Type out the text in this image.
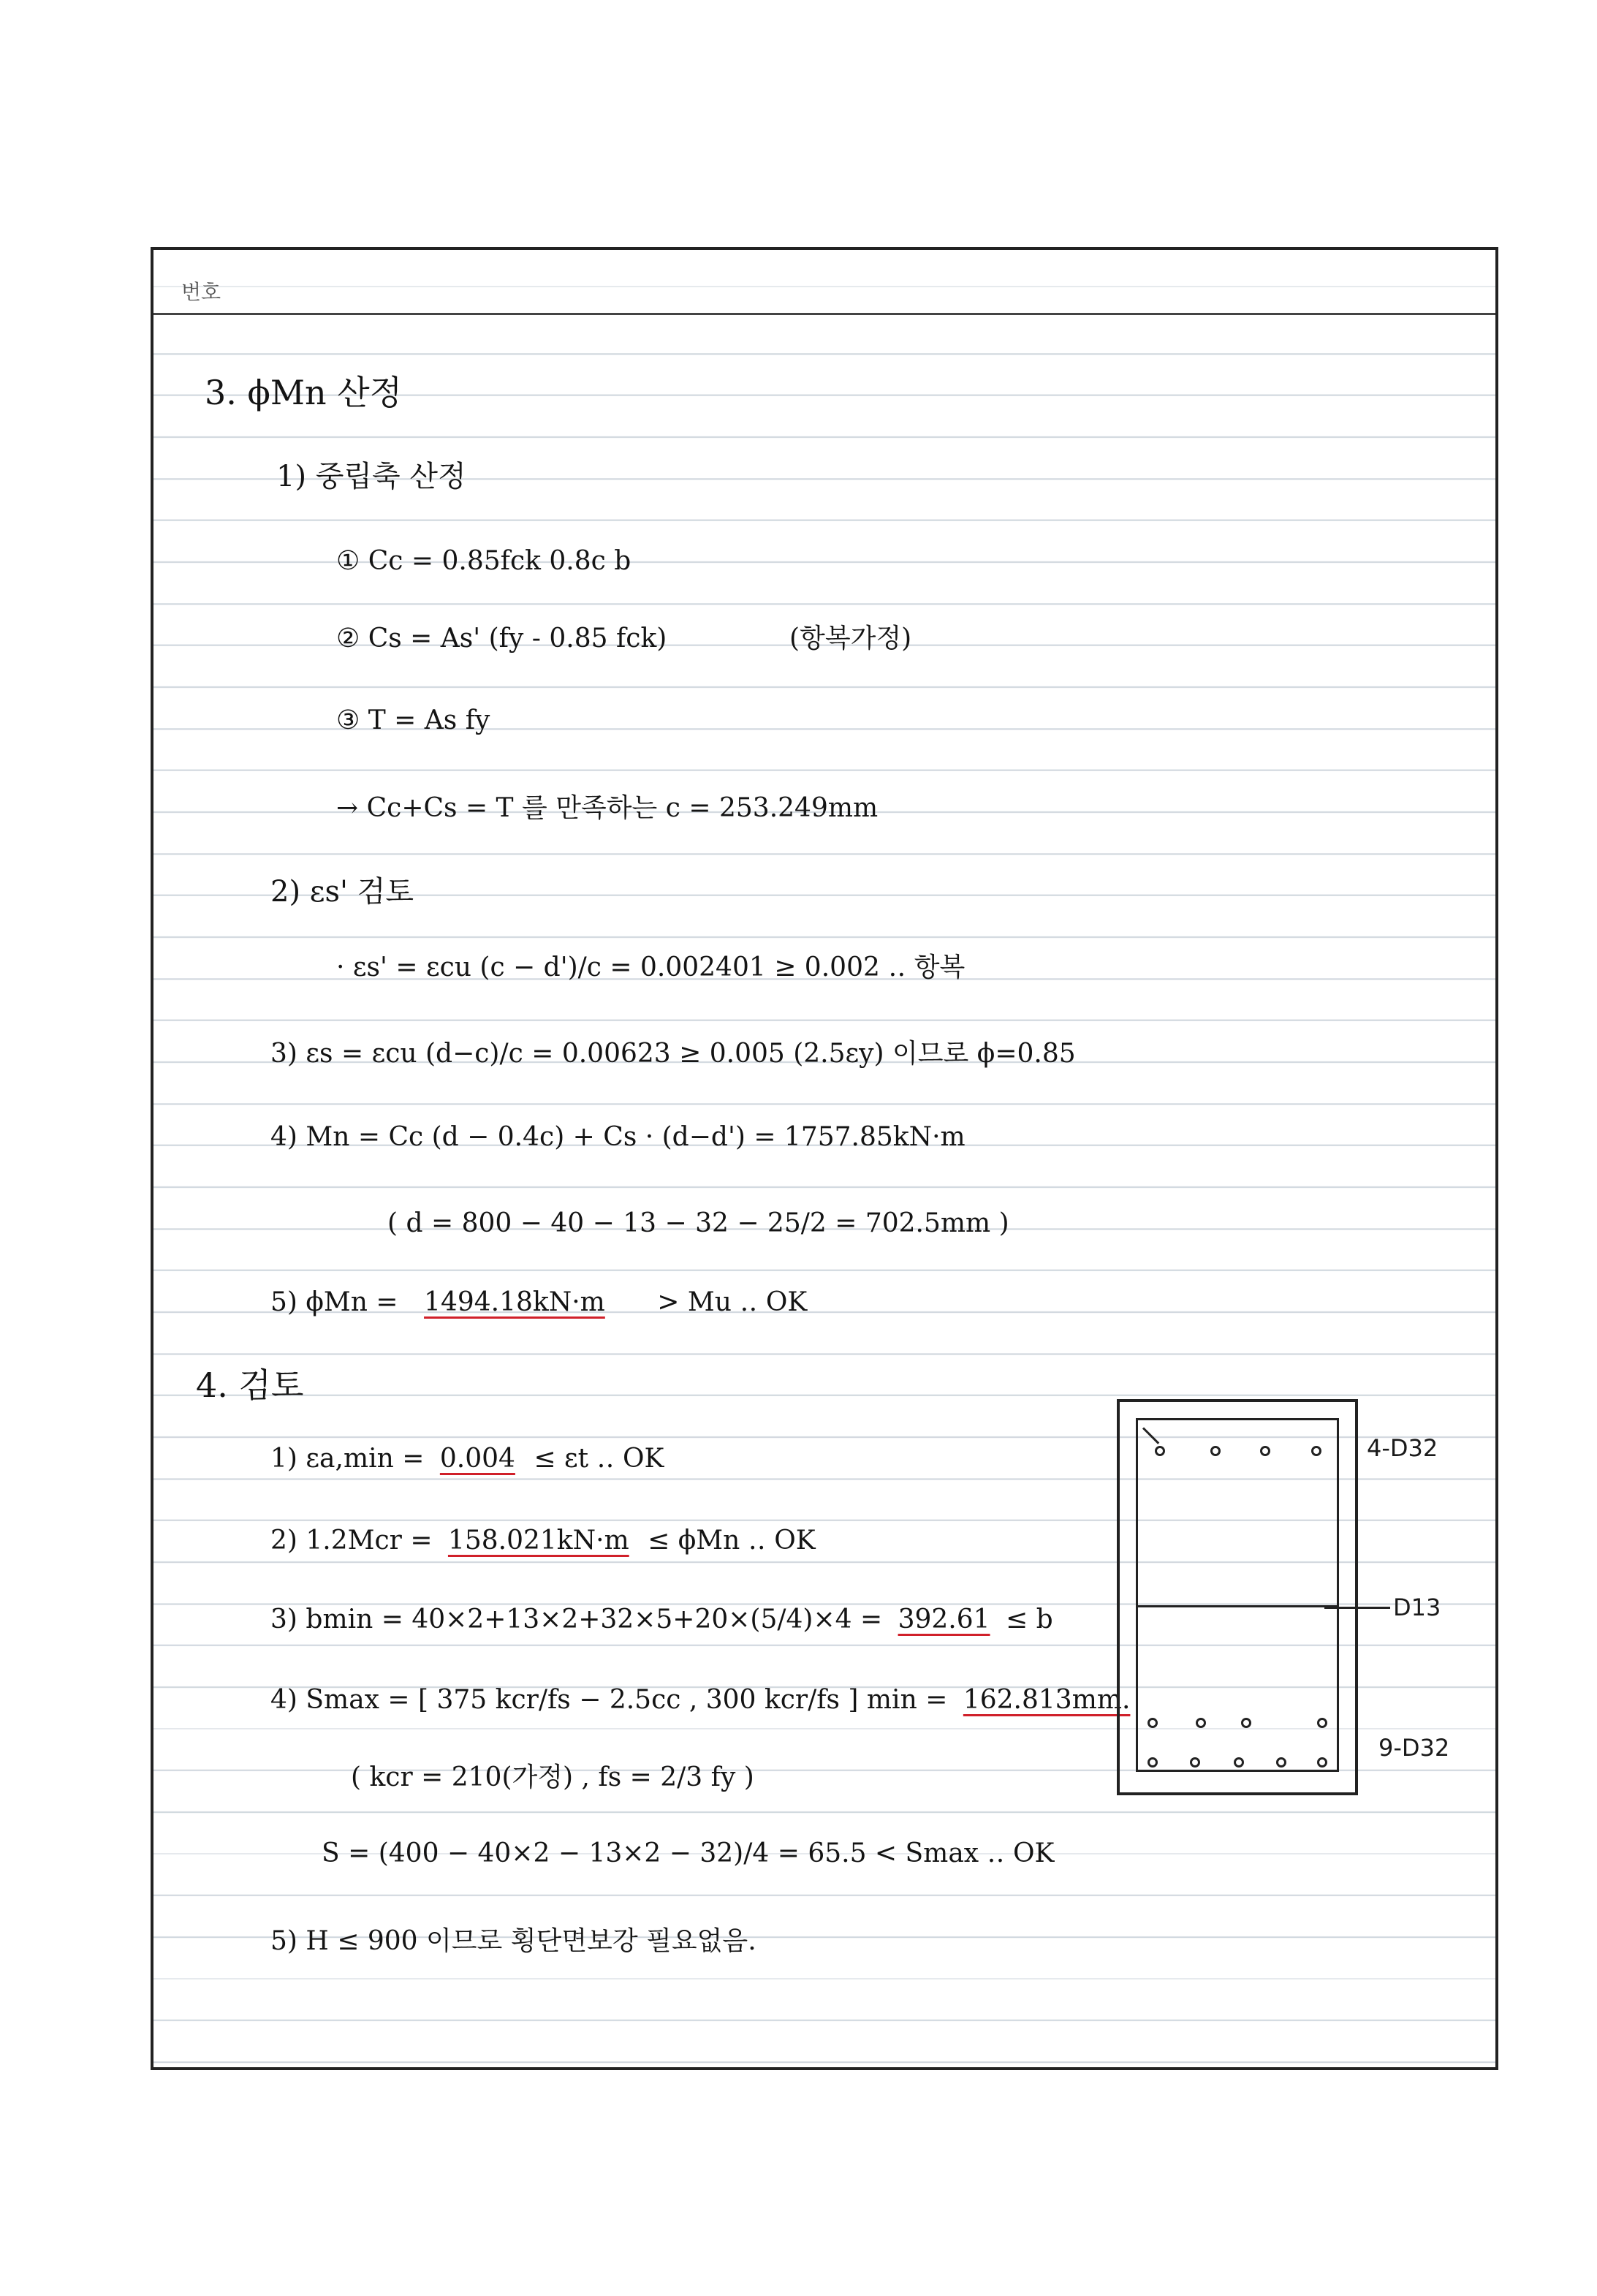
번호
3. ϕMn 산정
1) 중립축 산정
① Cc = 0.85fck 0.8c b
② Cs = As' (fy - 0.85 fck)	(항복가정)
③ T = As fy
→ Cc+Cs = T 를 만족하는 c = 253.249mm
2) εs' 검토
· εs' = εcu (c − d')/c = 0.002401 ≥ 0.002 ‥ 항복
3) εs = εcu (d−c)/c = 0.00623 ≥ 0.005 (2.5εy) 이므로 ϕ=0.85
4) Mn = Cc (d − 0.4c) + Cs · (d−d') = 1757.85kN·m
( d = 800 − 40 − 13 − 32 − 25/2 = 702.5mm )
5) ϕMn = 1494.18kN·m > Mu ‥ OK
4. 검토
1) εa,min = 0.004 ≤ εt ‥ OK
2) 1.2Mcr = 158.021kN·m ≤ ϕMn ‥ OK
3) bmin = 40×2+13×2+32×5+20×(5/4)×4 = 392.61 ≤ b
4) Smax = [ 375 kcr/fs − 2.5cc , 300 kcr/fs ] min = 162.813mm.
( kcr = 210(가정) , fs = 2/3 fy )
S = (400 − 40×2 − 13×2 − 32)/4 = 65.5 < Smax ‥ OK
5) H ≤ 900 이므로 횡단면보강 필요없음.
4-D32
D13
9-D32
